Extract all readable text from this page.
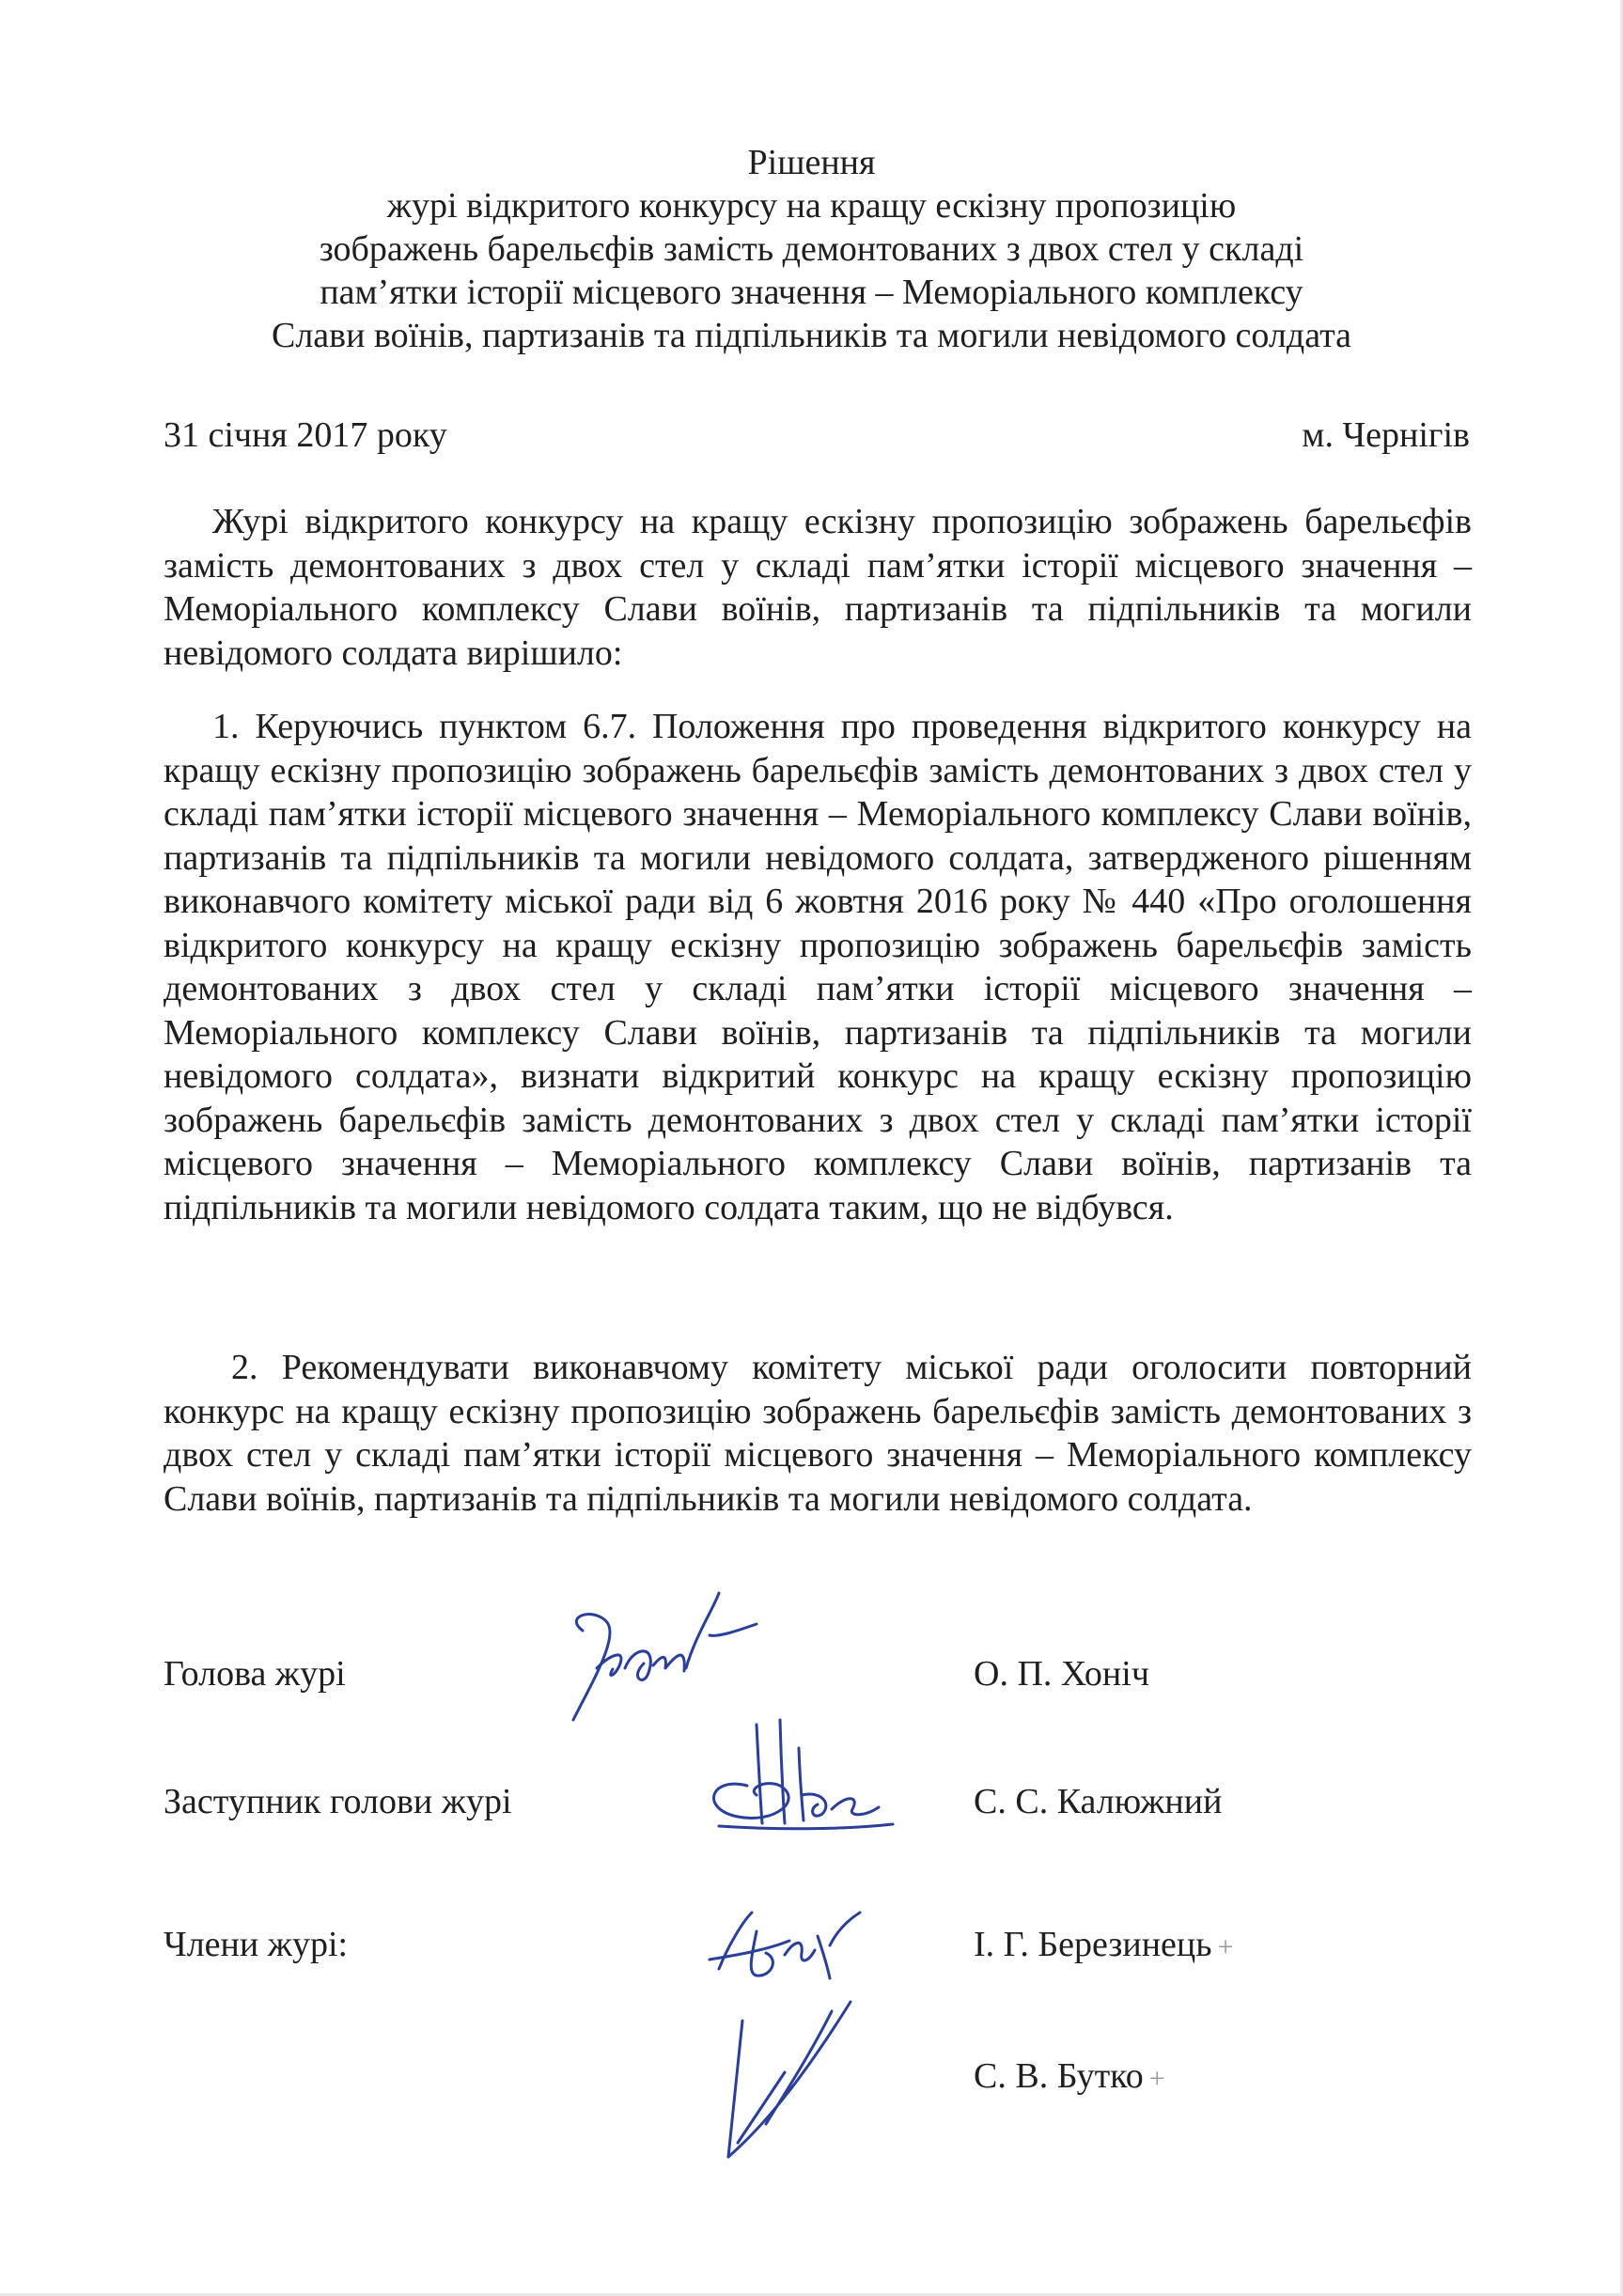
Рішення
журі відкритого конкурсу на кращу ескізну пропозицію
зображень барельєфів замість демонтованих з двох стел у складі
пам’ятки історії місцевого значення – Меморіального комплексу
Слави воїнів, партизанів та підпільників та могили невідомого солдата
31 січня 2017 року	м. Чернігів
Журі відкритого конкурсу на кращу ескізну пропозицію зображень барельєфів замість демонтованих з двох стел у складі пам’ятки історії місцевого значення – Меморіального комплексу Слави воїнів, партизанів та підпільників та могили невідомого солдата вирішило:
1. Керуючись пунктом 6.7. Положення про проведення відкритого конкурсу на кращу ескізну пропозицію зображень барельєфів замість демонтованих з двох стел у складі пам’ятки історії місцевого значення – Меморіального комплексу Слави воїнів, партизанів та підпільників та могили невідомого солдата, затвердженого рішенням виконавчого комітету міської ради від 6 жовтня 2016 року № 440 «Про оголошення відкритого конкурсу на кращу ескізну пропозицію зображень барельєфів замість демонтованих з двох стел у складі пам’ятки історії місцевого значення – Меморіального комплексу Слави воїнів, партизанів та підпільників та могили невідомого солдата», визнати відкритий конкурс на кращу ескізну пропозицію зображень барельєфів замість демонтованих з двох стел у складі пам’ятки історії місцевого значення – Меморіального комплексу Слави воїнів, партизанів та підпільників та могили невідомого солдата таким, що не відбувся.
2. Рекомендувати виконавчому комітету міської ради оголосити повторний конкурс на кращу ескізну пропозицію зображень барельєфів замість демонтованих з двох стел у складі пам’ятки історії місцевого значення – Меморіального комплексу Слави воїнів, партизанів та підпільників та могили невідомого солдата.
Голова журі	О. П. Хоніч
Заступник голови журі	С. С. Калюжний
Члени журі:	І. Г. Березинець +
С. В. Бутко +
